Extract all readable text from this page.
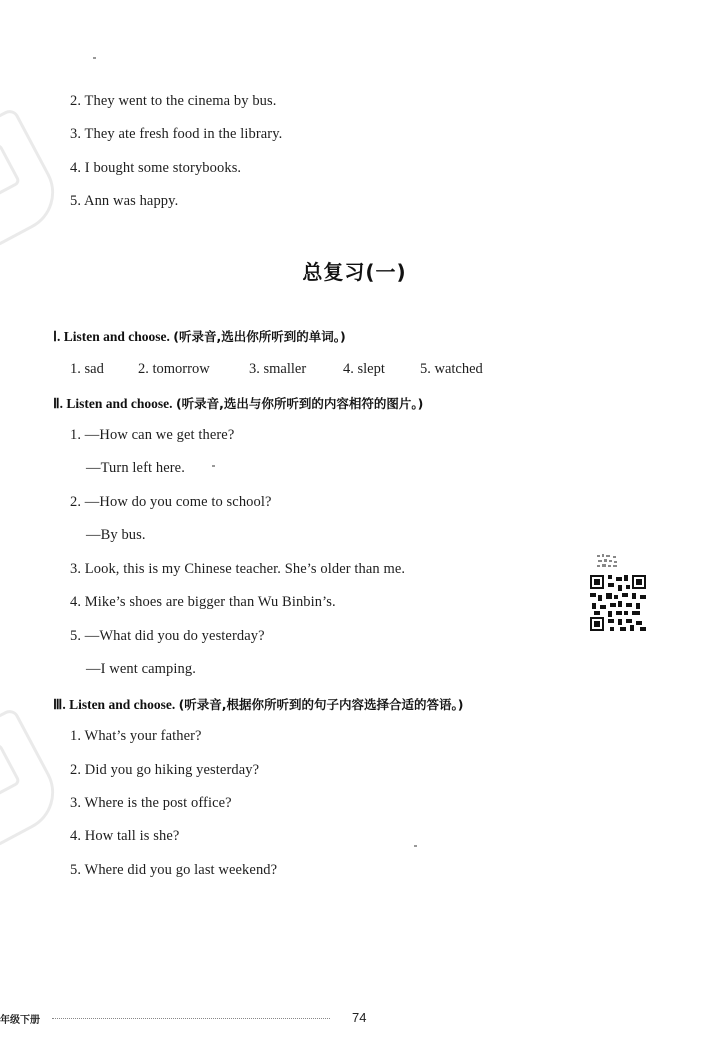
2. They went to the cinema by bus.
3. They ate fresh food in the library.
4. I bought some storybooks.
5. Ann was happy.
总复习(一)
Ⅰ. Listen and choose. (听录音,选出你所听到的单词。)
1. sad 2. tomorrow	3. smaller	4. slept 5. watched
Ⅱ. Listen and choose. (听录音,选出与你所听到的内容相符的图片。)
1. —How can we get there?
—Turn left here.
2. —How do you come to school?
—By bus.
3. Look, this is my Chinese teacher. She’s older than me.
4. Mike’s shoes are bigger than Wu Binbin’s.
5. —What did you do yesterday?
—I went camping.
Ⅲ. Listen and choose. (听录音,根据你所听到的句子内容选择合适的答语。)
1. What’s your father?
2. Did you go hiking yesterday?
3. Where is the post office?
4. How tall is she?
5. Where did you go last weekend?
年级下册	74
